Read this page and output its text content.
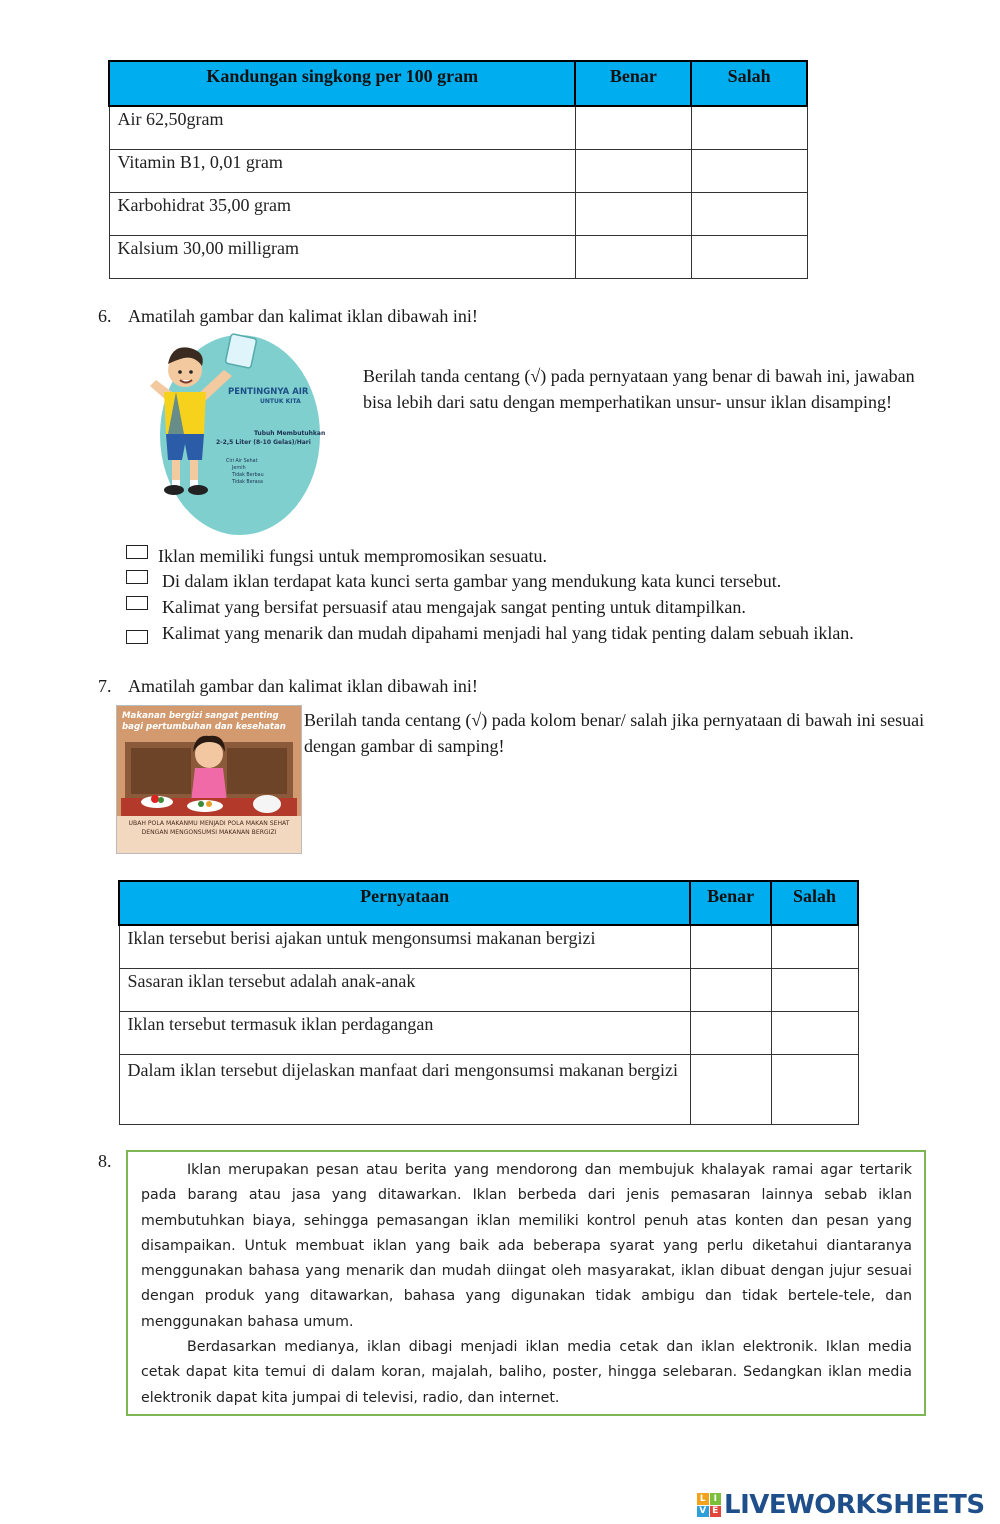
Kandungan singkong per 100 gram	Benar	Salah
Air 62,50gram		
Vitamin B1, 0,01 gram		
Karbohidrat 35,00 gram		
Kalsium 30,00 milligram		
6. Amatilah gambar dan kalimat iklan dibawah ini!
PENTINGNYA AIR
UNTUK KITA
Tubuh Membutuhkan
2-2,5 Liter (8-10 Gelas)/Hari
Ciri Air Sehat
Jernih
Tidak Berbau
Tidak Berasa
Berilah tanda centang (√) pada pernyataan yang benar di bawah ini, jawaban bisa lebih dari satu dengan memperhatikan unsur- unsur iklan disamping!
Iklan memiliki fungsi untuk mempromosikan sesuatu.
Di dalam iklan terdapat kata kunci serta gambar yang mendukung kata kunci tersebut.
Kalimat yang bersifat persuasif atau mengajak sangat penting untuk ditampilkan.
Kalimat yang menarik dan mudah dipahami menjadi hal yang tidak penting dalam sebuah iklan.
7. Amatilah gambar dan kalimat iklan dibawah ini!
Makanan bergizi sangat penting bagi pertumbuhan dan kesehatan
UBAH POLA MAKANMU MENJADI POLA MAKAN SEHAT DENGAN MENGONSUMSI MAKANAN BERGIZI
Berilah tanda centang (√) pada kolom benar/ salah jika pernyataan di bawah ini sesuai dengan gambar di samping!
Pernyataan	Benar	Salah
Iklan tersebut berisi ajakan untuk mengonsumsi makanan bergizi		
Sasaran iklan tersebut adalah anak-anak		
Iklan tersebut termasuk iklan perdagangan		
Dalam iklan tersebut dijelaskan manfaat dari mengonsumsi makanan bergizi		
8.	Iklan merupakan pesan atau berita yang mendorong dan membujuk khalayak ramai agar tertarik pada barang atau jasa yang ditawarkan. Iklan berbeda dari jenis pemasaran lainnya sebab iklan membutuhkan biaya, sehingga pemasangan iklan memiliki kontrol penuh atas konten dan pesan yang disampaikan. Untuk membuat iklan yang baik ada beberapa syarat yang perlu diketahui diantaranya menggunakan bahasa yang menarik dan mudah diingat oleh masyarakat, iklan dibuat dengan jujur sesuai dengan produk yang ditawarkan, bahasa yang digunakan tidak ambigu dan tidak bertele-tele, dan menggunakan bahasa umum.

Berdasarkan medianya, iklan dibagi menjadi iklan media cetak dan iklan elektronik. Iklan media cetak dapat kita temui di dalam koran, majalah, baliho, poster, hingga selebaran. Sedangkan iklan media elektronik dapat kita jumpai di televisi, radio, dan internet.

L I
V E LIVEWORKSHEETS
